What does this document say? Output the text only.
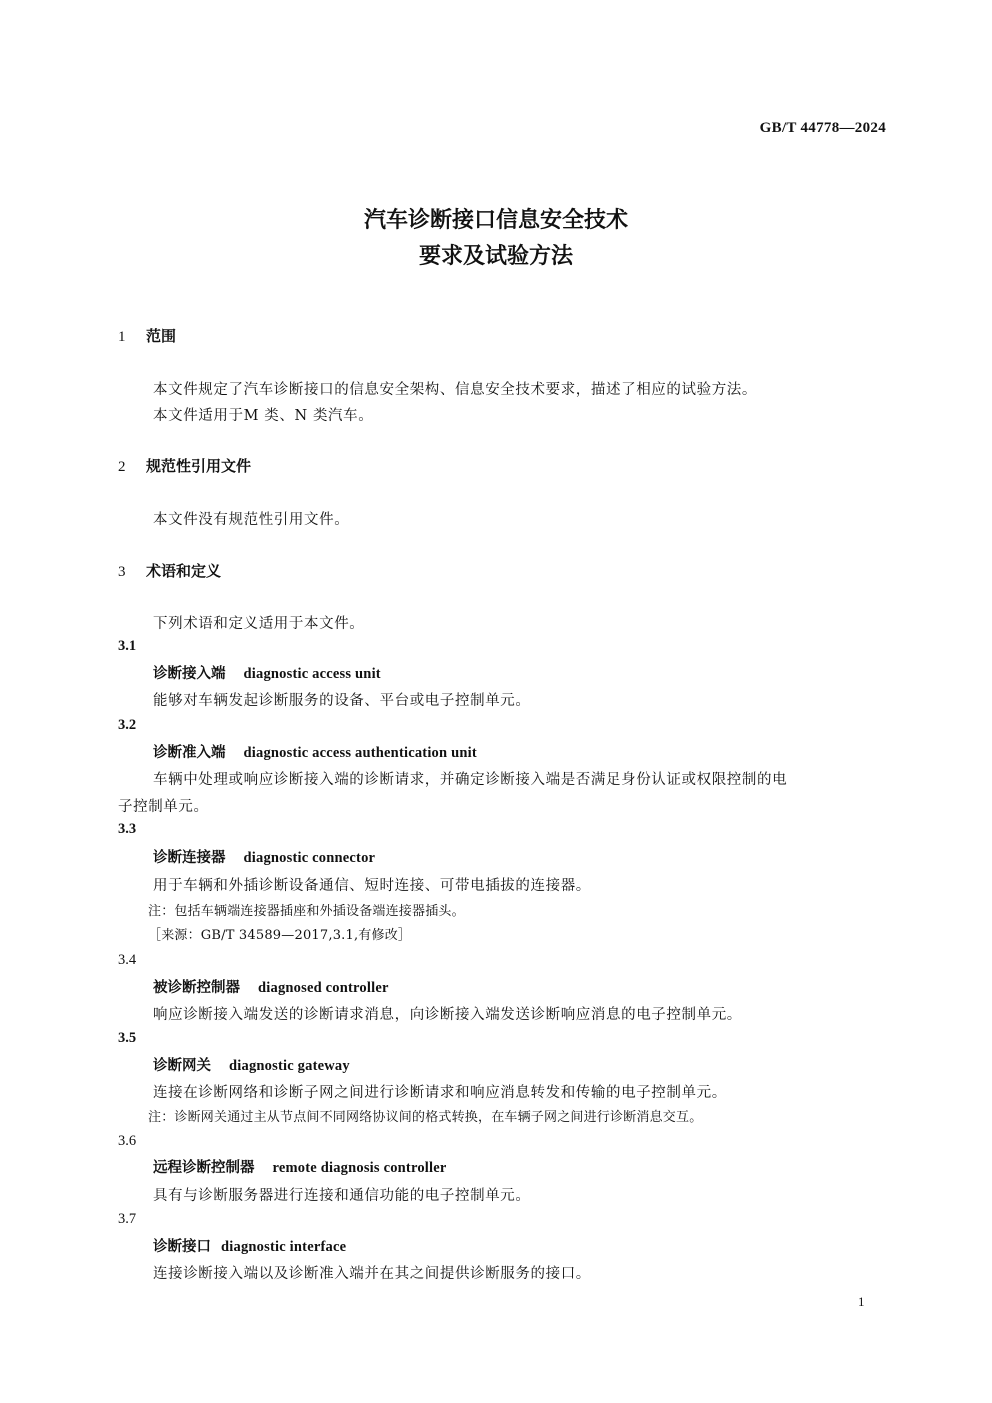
GB/T 44778—2024
汽车诊断接口信息安全技术
要求及试验方法
1 范围
本文件规定了汽车诊断接口的信息安全架构、信息安全技术要求，描述了相应的试验方法。
本文件适用于M 类、N 类汽车。
2 规范性引用文件
本文件没有规范性引用文件。
3 术语和定义
下列术语和定义适用于本文件。
3.1
诊断接入端 diagnostic access unit
能够对车辆发起诊断服务的设备、平台或电子控制单元。
3.2
诊断准入端 diagnostic access authentication unit
车辆中处理或响应诊断接入端的诊断请求，并确定诊断接入端是否满足身份认证或权限控制的电
子控制单元。
3.3
诊断连接器 diagnostic connector
用于车辆和外插诊断设备通信、短时连接、可带电插拔的连接器。
注：包括车辆端连接器插座和外插设备端连接器插头。
［来源：GB/T 34589—2017,3.1,有修改］
3.4
被诊断控制器 diagnosed controller
响应诊断接入端发送的诊断请求消息，向诊断接入端发送诊断响应消息的电子控制单元。
3.5
诊断网关 diagnostic gateway
连接在诊断网络和诊断子网之间进行诊断请求和响应消息转发和传输的电子控制单元。
注：诊断网关通过主从节点间不同网络协议间的格式转换，在车辆子网之间进行诊断消息交互。
3.6
远程诊断控制器 remote diagnosis controller
具有与诊断服务器进行连接和通信功能的电子控制单元。
3.7
诊断接口 diagnostic interface
连接诊断接入端以及诊断准入端并在其之间提供诊断服务的接口。
1
